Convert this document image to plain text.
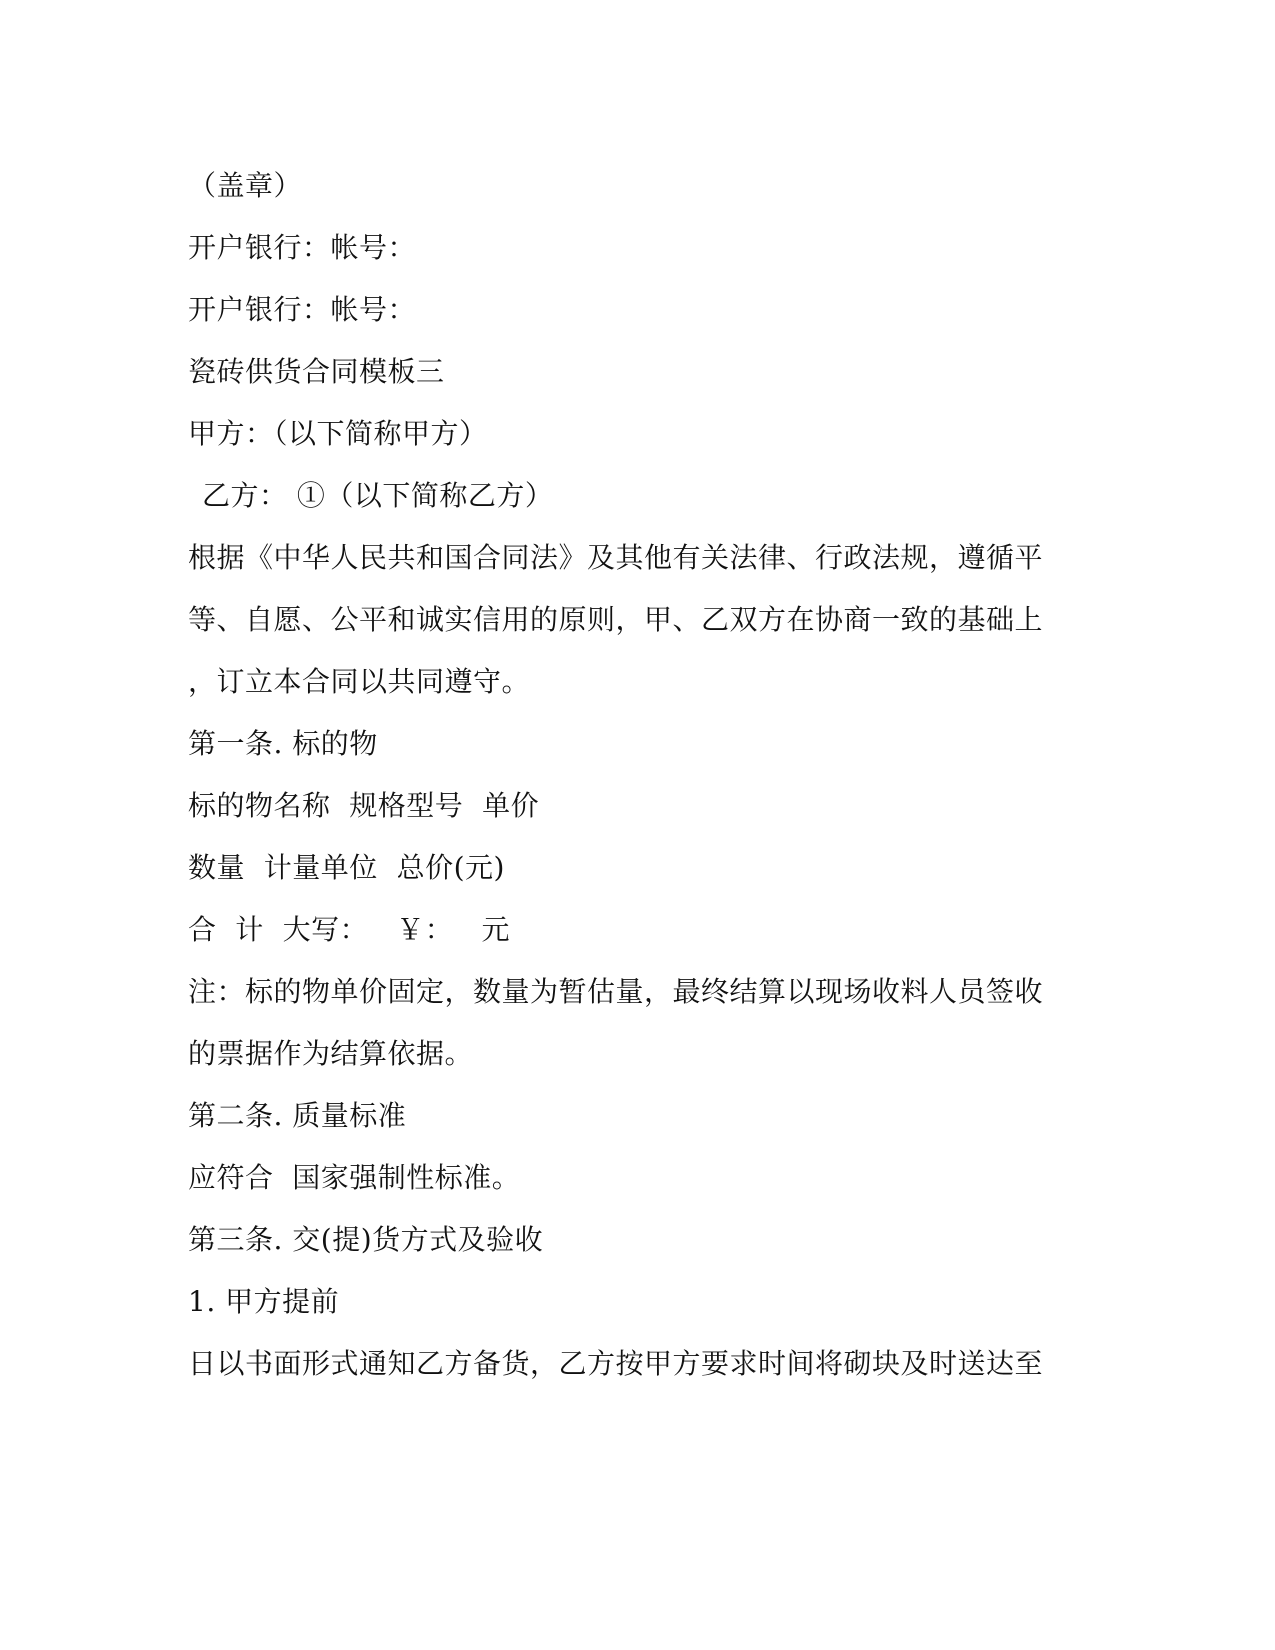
（盖章）
开户银行：帐号：
开户银行：帐号：
瓷砖供货合同模板三
甲方：（以下简称甲方）
乙方： ①（以下简称乙方）
根据《中华人民共和国合同法》及其他有关法律、行政法规，遵循平
等、自愿、公平和诚实信用的原则，甲、乙双方在协商一致的基础上
，订立本合同以共同遵守。
第一条. 标的物
标的物名称  规格型号  单价
数量  计量单位  总价(元)
合  计  大写：   ￥：   元
注：标的物单价固定，数量为暂估量，最终结算以现场收料人员签收
的票据作为结算依据。
第二条. 质量标准
应符合  国家强制性标准。
第三条. 交(提)货方式及验收
1. 甲方提前
日以书面形式通知乙方备货，乙方按甲方要求时间将砌块及时送达至
